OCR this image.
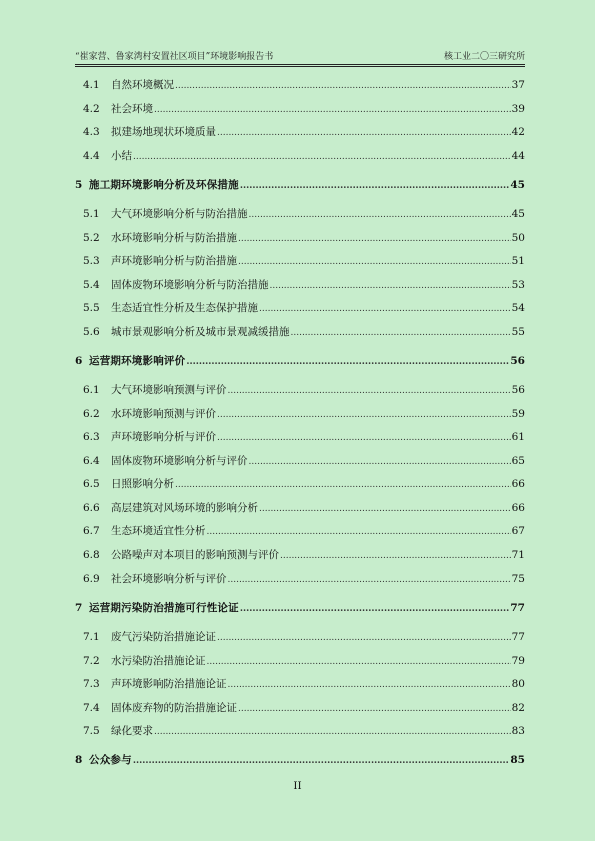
“崔家营、鲁家湾村安置社区项目”环境影响报告书	核工业二〇三研究所
4.1	自然环境概况 .....	37
4.2	社会环境 .....	39
4.3	拟建场地现状环境质量 .....	42
4.4	小结 .....	44
5 施工期环境影响分析及环保措施 .....	45
5.1	大气环境影响分析与防治措施 .....	45
5.2	水环境影响分析与防治措施 .....	50
5.3	声环境影响分析与防治措施 .....	51
5.4	固体废物环境影响分析与防治措施 .....	53
5.5	生态适宜性分析及生态保护措施 .....	54
5.6	城市景观影响分析及城市景观减缓措施 .....	55
6 运营期环境影响评价 .....	56
6.1	大气环境影响预测与评价 .....	56
6.2	水环境影响预测与评价 .....	59
6.3	声环境影响分析与评价 .....	61
6.4	固体废物环境影响分析与评价 .....	65
6.5	日照影响分析 .....	66
6.6	高层建筑对风场环境的影响分析 .....	66
6.7	生态环境适宜性分析 .....	67
6.8	公路噪声对本项目的影响预测与评价 .....	71
6.9	社会环境影响分析与评价 .....	75
7 运营期污染防治措施可行性论证 .....	77
7.1	废气污染防治措施论证 .....	77
7.2	水污染防治措施论证 .....	79
7.3	声环境影响防治措施论证 .....	80
7.4	固体废弃物的防治措施论证 .....	82
7.5	绿化要求 .....	83
8 公众参与 .....	85
II
